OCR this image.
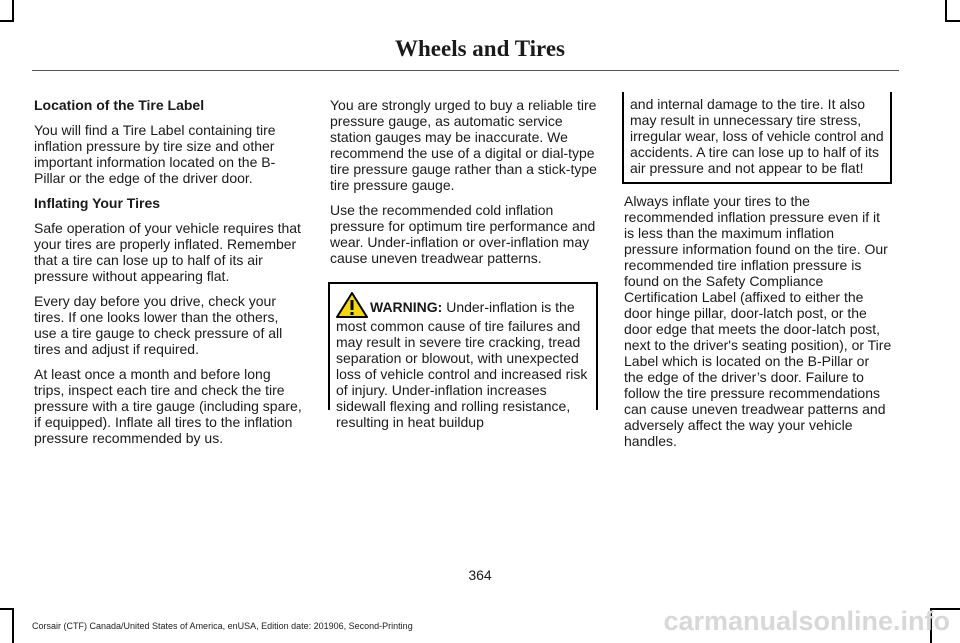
Wheels and Tires
Location of the Tire Label

You will find a Tire Label containing tire inflation pressure by tire size and other important information located on the B-Pillar or the edge of the driver door.

Inflating Your Tires

Safe operation of your vehicle requires that your tires are properly inflated. Remember that a tire can lose up to half of its air pressure without appearing flat.

Every day before you drive, check your tires. If one looks lower than the others, use a tire gauge to check pressure of all tires and adjust if required.

At least once a month and before long trips, inspect each tire and check the tire pressure with a tire gauge (including spare, if equipped). Inflate all tires to the inflation pressure recommended by us.

You are strongly urged to buy a reliable tire pressure gauge, as automatic service station gauges may be inaccurate. We recommend the use of a digital or dial-type tire pressure gauge rather than a stick-type tire pressure gauge.

Use the recommended cold inflation pressure for optimum tire performance and wear. Under-inflation or over-inflation may cause uneven treadwear patterns.

WARNING: Under-inflation is the most common cause of tire failures and may result in severe tire cracking, tread separation or blowout, with unexpected loss of vehicle control and increased risk of injury. Under-inflation increases sidewall flexing and rolling resistance, resulting in heat buildup
and internal damage to the tire. It also may result in unnecessary tire stress, irregular wear, loss of vehicle control and accidents. A tire can lose up to half of its air pressure and not appear to be flat!

Always inflate your tires to the recommended inflation pressure even if it is less than the maximum inflation pressure information found on the tire. Our recommended tire inflation pressure is found on the Safety Compliance Certification Label (affixed to either the door hinge pillar, door-latch post, or the door edge that meets the door-latch post, next to the driver's seating position), or Tire Label which is located on the B-Pillar or the edge of the driver’s door. Failure to follow the tire pressure recommendations can cause uneven treadwear patterns and adversely affect the way your vehicle handles.

364
Corsair (CTF) Canada/United States of America, enUSA, Edition date: 201906, Second-Printing	carmanualsonline.info
